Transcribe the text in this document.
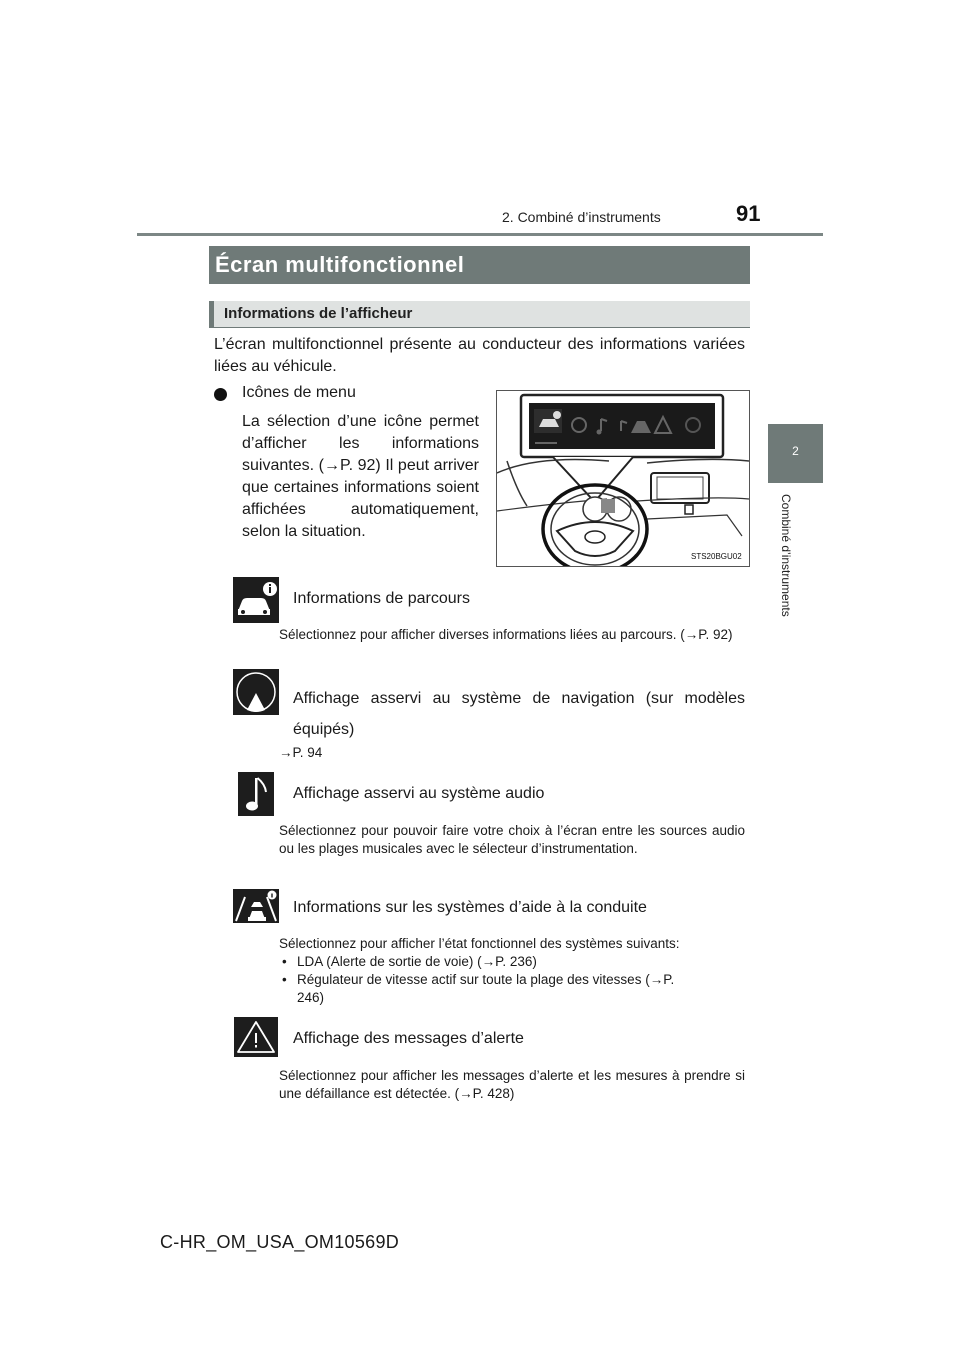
2. Combiné d’instruments	91
2
Combiné d’instruments
Écran multifonctionnel
Informations de l’afficheur
L’écran multifonctionnel présente au conducteur des informations variées liées au véhicule.
Icônes de menu
La sélection d’une icône permet d’afficher les informations suivantes. (→P. 92) Il peut arriver que certaines informations soient affichées automatiquement, selon la situation.
STS20BGU02
Informations de parcours
Sélectionnez pour afficher diverses informations liées au parcours. (→P. 92)
Affichage asservi au système de navigation (sur modèles équipés)
→P. 94
Affichage asservi au système audio
Sélectionnez pour pouvoir faire votre choix à l’écran entre les sources audio ou les plages musicales avec le sélecteur d’instrumentation.
Informations sur les systèmes d’aide à la conduite
Sélectionnez pour afficher l’état fonctionnel des systèmes suivants:
• LDA (Alerte de sortie de voie) (→P. 236)
• Régulateur de vitesse actif sur toute la plage des vitesses (→P. 246)
Affichage des messages d’alerte
Sélectionnez pour afficher les messages d’alerte et les mesures à prendre si une défaillance est détectée. (→P. 428)
C-HR_OM_USA_OM10569D
